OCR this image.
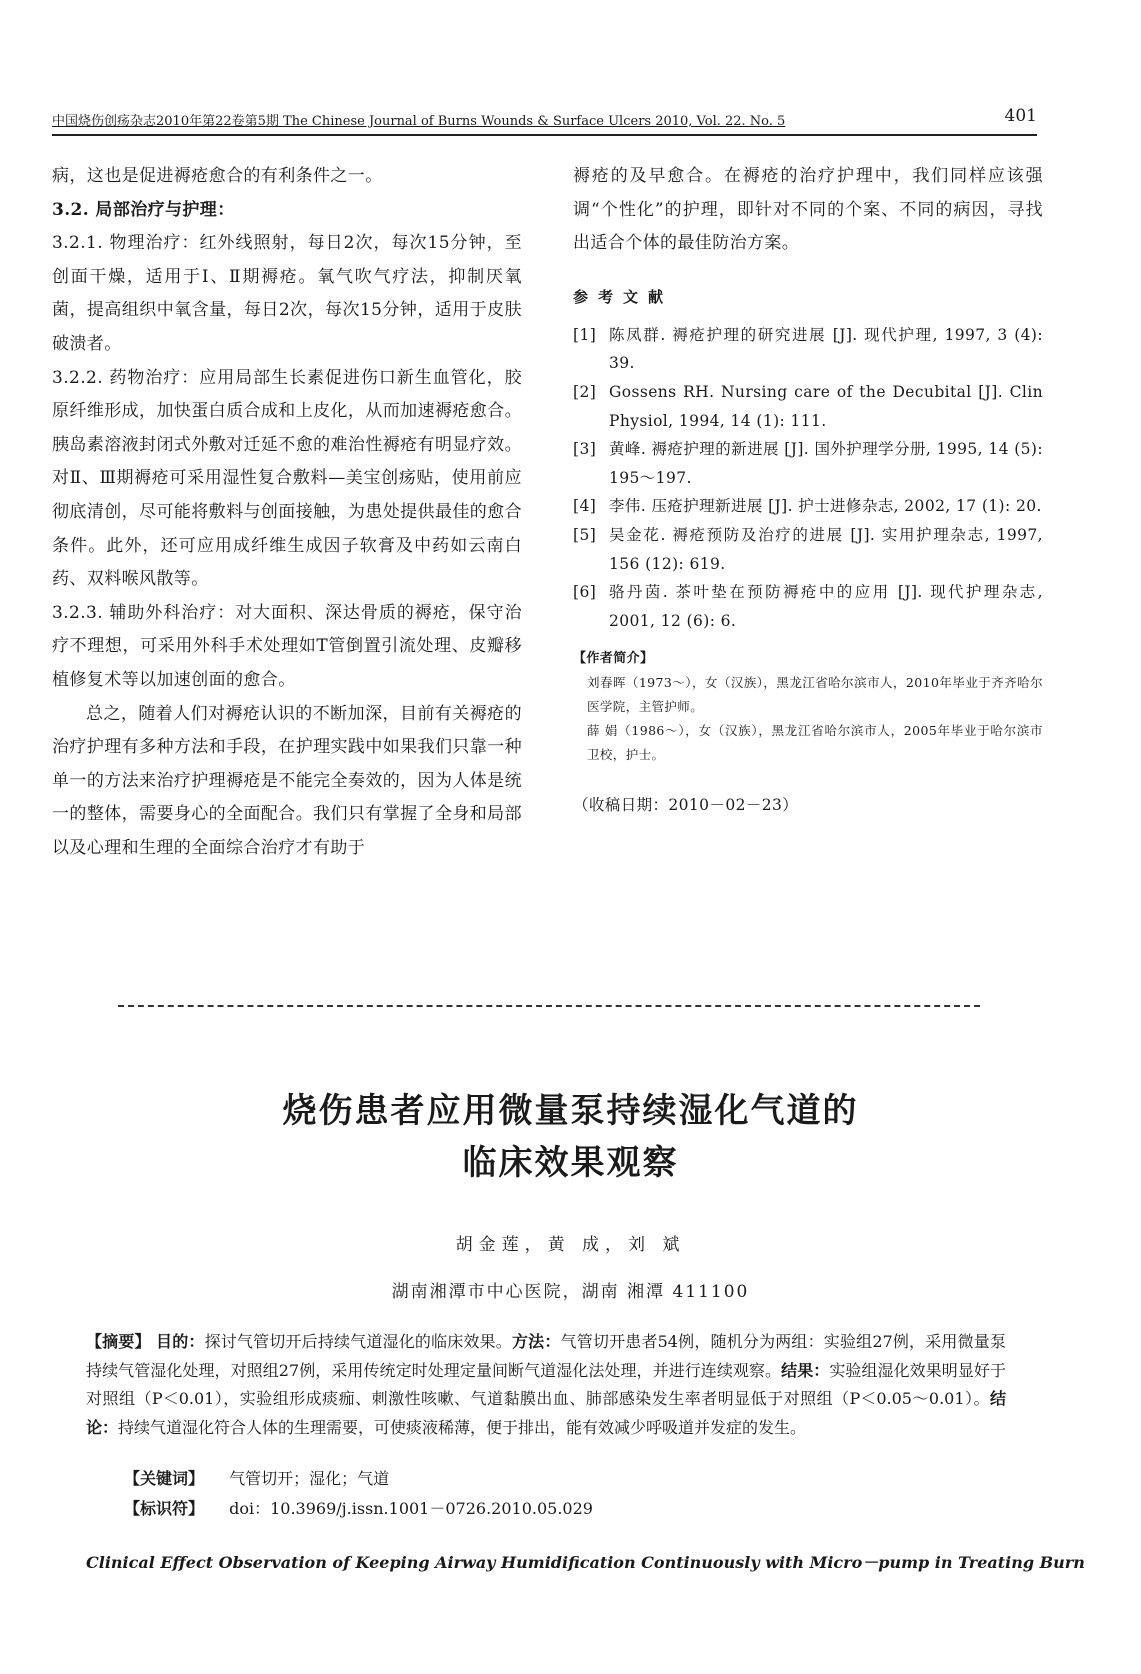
中国烧伤创疡杂志2010年第22卷第5期 The Chinese Journal of Burns Wounds & Surface Ulcers 2010, Vol. 22. No. 5	401

病，这也是促进褥疮愈合的有利条件之一。

3.2. 局部治疗与护理：

3.2.1. 物理治疗：红外线照射，每日2次，每次15分钟，至创面干燥，适用于Ⅰ、Ⅱ期褥疮。氧气吹气疗法，抑制厌氧菌，提高组织中氧含量，每日2次，每次15分钟，适用于皮肤破溃者。

3.2.2. 药物治疗：应用局部生长素促进伤口新生血管化，胶原纤维形成，加快蛋白质合成和上皮化，从而加速褥疮愈合。胰岛素溶液封闭式外敷对迁延不愈的难治性褥疮有明显疗效。对Ⅱ、Ⅲ期褥疮可采用湿性复合敷料—美宝创疡贴，使用前应彻底清创，尽可能将敷料与创面接触，为患处提供最佳的愈合条件。此外，还可应用成纤维生成因子软膏及中药如云南白药、双料喉风散等。

3.2.3. 辅助外科治疗：对大面积、深达骨质的褥疮，保守治疗不理想，可采用外科手术处理如T管倒置引流处理、皮瓣移植修复术等以加速创面的愈合。

总之，随着人们对褥疮认识的不断加深，目前有关褥疮的治疗护理有多种方法和手段，在护理实践中如果我们只靠一种单一的方法来治疗护理褥疮是不能完全奏效的，因为人体是统一的整体，需要身心的全面配合。我们只有掌握了全身和局部以及心理和生理的全面综合治疗才有助于

褥疮的及早愈合。在褥疮的治疗护理中，我们同样应该强调“个性化”的护理，即针对不同的个案、不同的病因，寻找出适合个体的最佳防治方案。

参考文献

[1] 陈凤群. 褥疮护理的研究进展 [J]. 现代护理, 1997, 3 (4): 39.
[2] Gossens RH. Nursing care of the Decubital [J]. Clin Physiol, 1994, 14 (1): 111.
[3] 黄峰. 褥疮护理的新进展 [J]. 国外护理学分册, 1995, 14 (5): 195～197.
[4] 李伟. 压疮护理新进展 [J]. 护士进修杂志, 2002, 17 (1): 20.
[5] 吴金花. 褥疮预防及治疗的进展 [J]. 实用护理杂志, 1997, 156 (12): 619.
[6] 骆丹茵. 茶叶垫在预防褥疮中的应用 [J]. 现代护理杂志, 2001, 12 (6): 6.

【作者简介】

刘春晖（1973～），女（汉族），黑龙江省哈尔滨市人，2010年毕业于齐齐哈尔医学院，主管护师。

薛 娟（1986～），女（汉族），黑龙江省哈尔滨市人，2005年毕业于哈尔滨市卫校，护士。

（收稿日期：2010－02－23）

烧伤患者应用微量泵持续湿化气道的
临床效果观察
胡金莲，黄 成，刘 斌
湖南湘潭市中心医院，湖南 湘潭 411100
【摘要】 目的：探讨气管切开后持续气道湿化的临床效果。方法：气管切开患者54例，随机分为两组：实验组27例，采用微量泵持续气管湿化处理，对照组27例，采用传统定时处理定量间断气道湿化法处理，并进行连续观察。结果：实验组湿化效果明显好于对照组（P＜0.01），实验组形成痰痂、刺激性咳嗽、气道黏膜出血、肺部感染发生率者明显低于对照组（P＜0.05～0.01）。结论：持续气道湿化符合人体的生理需要，可使痰液稀薄，便于排出，能有效减少呼吸道并发症的发生。
【关键词】 气管切开；湿化；气道
【标识符】 doi：10.3969/j.issn.1001－0726.2010.05.029
Clinical Effect Observation of Keeping Airway Humidification Continuously with Micro－pump in Treating Burn
